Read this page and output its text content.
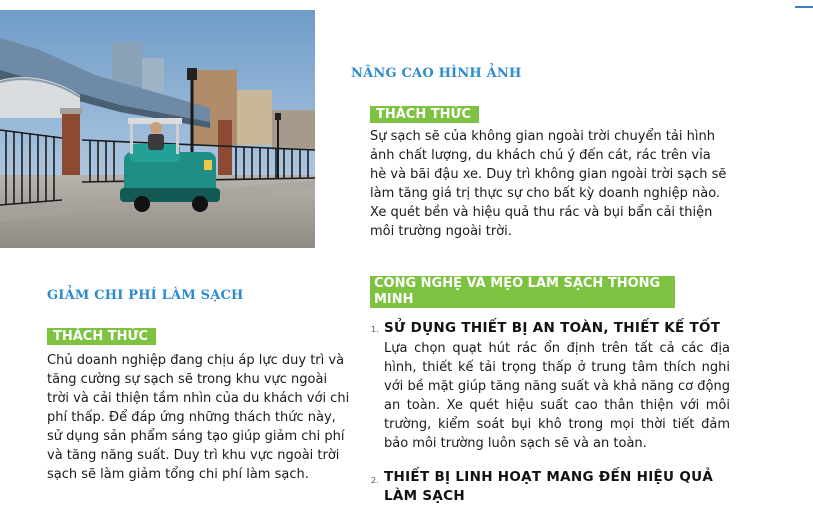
NÂNG CAO HÌNH ẢNH
THÁCH THỨC
Sự sạch sẽ của không gian ngoài trời chuyển tải hình ảnh chất lượng, du khách chú ý đến cát, rác trên vỉa hè và bãi đậu xe. Duy trì không gian ngoài trời sạch sẽ làm tăng giá trị thực sự cho bất kỳ doanh nghiệp nào. Xe quét bền và hiệu quả thu rác và bụi bẩn cải thiện môi trường ngoài trời.
CÔNG NGHỆ VÀ MẸO LÀM SẠCH THÔNG MINH
1. SỬ DỤNG THIẾT BỊ AN TOÀN, THIẾT KẾ TỐT
Lựa chọn quạt hút rác ổn định trên tất cả các địa hình, thiết kế tải trọng thấp ở trung tâm thích nghi với bề mặt giúp tăng năng suất và khả năng cơ động an toàn. Xe quét hiệu suất cao thân thiện với môi trường, kiểm soát bụi khô trong mọi thời tiết đảm bảo môi trường luôn sạch sẽ và an toàn.
2. THIẾT BỊ LINH HOẠT MANG ĐẾN HIỆU QUẢ LÀM SẠCH
GIẢM CHI PHÍ LÀM SẠCH
THÁCH THỨC
Chủ doanh nghiệp đang chịu áp lực duy trì và tăng cường sự sạch sẽ trong khu vực ngoài trời và cải thiện tầm nhìn của du khách với chi phí thấp. Để đáp ứng những thách thức này, sử dụng sản phẩm sáng tạo giúp giảm chi phí và tăng năng suất. Duy trì khu vực ngoài trời sạch sẽ làm giảm tổng chi phí làm sạch.
